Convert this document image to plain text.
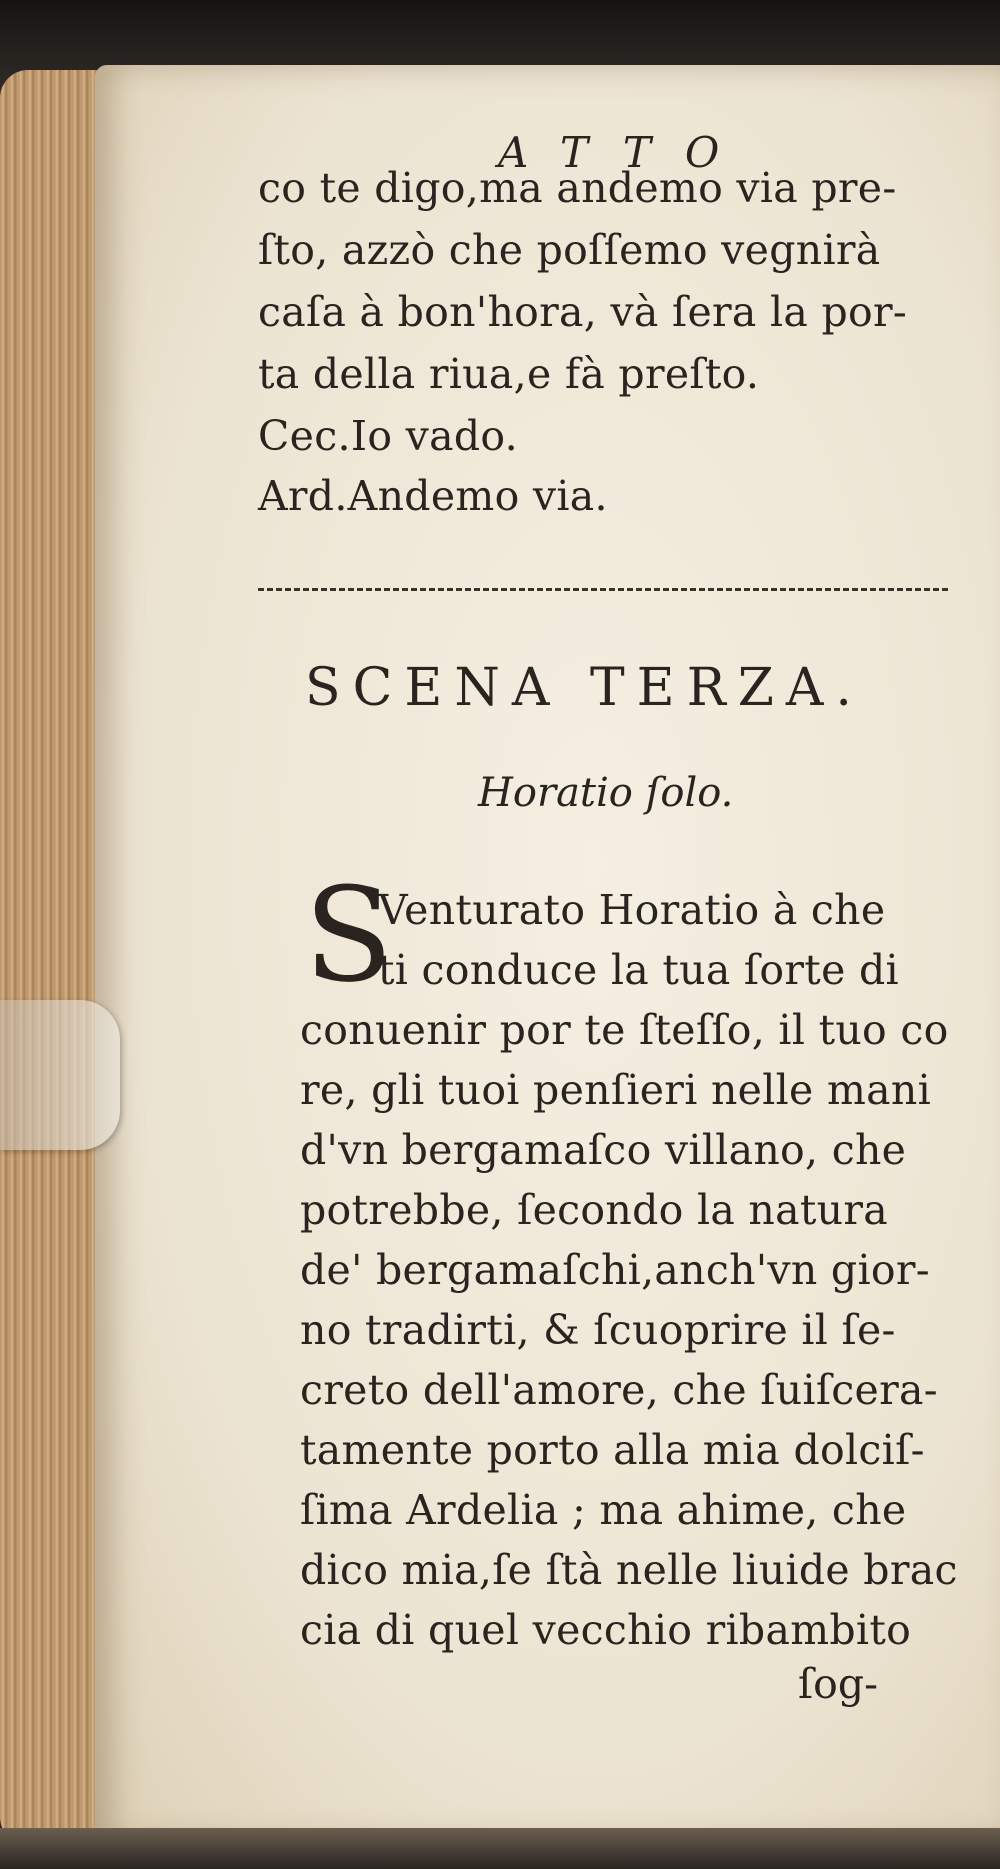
ATTO
co te digo,ma andemo via pre-
ſto, azzò che poſſemo vegnirà
caſa à bon'hora, và ſera la por-
ta della riua,e fà preſto.
Cec.Io vado.
Ard.Andemo via.
SCENA TERZA.
Horatio ſolo.
S
Venturato Horatio à che
ti conduce la tua ſorte di
conuenir por te ſteſſo, il tuo co
re, gli tuoi penſieri nelle mani
d'vn bergamaſco villano, che
potrebbe, ſecondo la natura
de' bergamaſchi,anch'vn gior-
no tradirti, & ſcuoprire il ſe-
creto dell'amore, che ſuiſcera-
tamente porto alla mia dolciſ-
ſima Ardelia ; ma ahime, che
dico mia,ſe ſtà nelle liuide brac
cia di quel vecchio ribambito
ſog-
